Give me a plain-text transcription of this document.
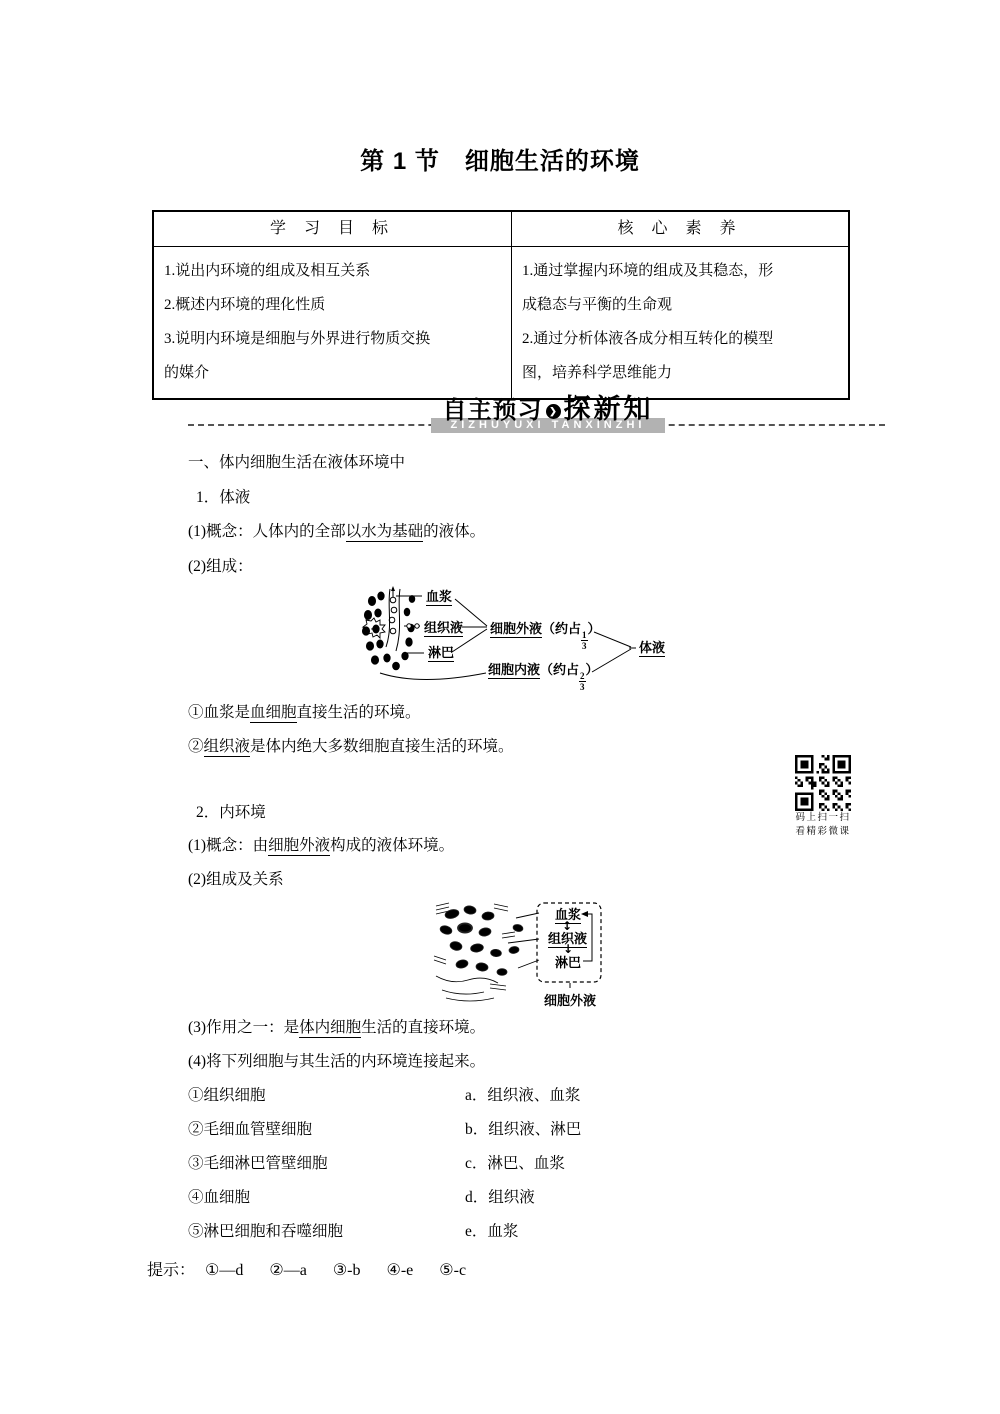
第 1 节　细胞生活的环境
学 习 目 标	核 心 素 养
1.说出内环境的组成及相互关系
2.概述内环境的理化性质
3.说明内环境是细胞与外界进行物质交换
的媒介
1.通过掌握内环境的组成及其稳态，形
成稳态与平衡的生命观
2.通过分析体液各成分相互转化的模型
图，培养科学思维能力
ZIZHUYUXI TANXINZHI
自主预习 ❯ 探新知
一、体内细胞生活在液体环境中
1．体液
(1)概念：人体内的全部以水为基础的液体。
(2)组成：
血浆
组织液
淋巴
细胞外液（约占
$\frac{1}{3}$
）
细胞内液（约占
$\frac{2}{3}$
）
体液
①血浆是血细胞直接生活的环境。
②组织液是体内绝大多数细胞直接生活的环境。
码上扫一扫
看精彩微课
2．内环境
(1)概念：由细胞外液构成的液体环境。
(2)组成及关系
血浆
↕
组织液
↓
淋巴
细胞外液
(3)作用之一：是体内细胞生活的直接环境。
(4)将下列细胞与其生活的内环境连接起来。
①组织细胞
②毛细血管壁细胞
③毛细淋巴管壁细胞
④血细胞
⑤淋巴细胞和吞噬细胞
a．组织液、血浆
b．组织液、淋巴
c．淋巴、血浆
d．组织液
e．血浆
提示： ①—d ②—a ③-b ④-e ⑤-c
